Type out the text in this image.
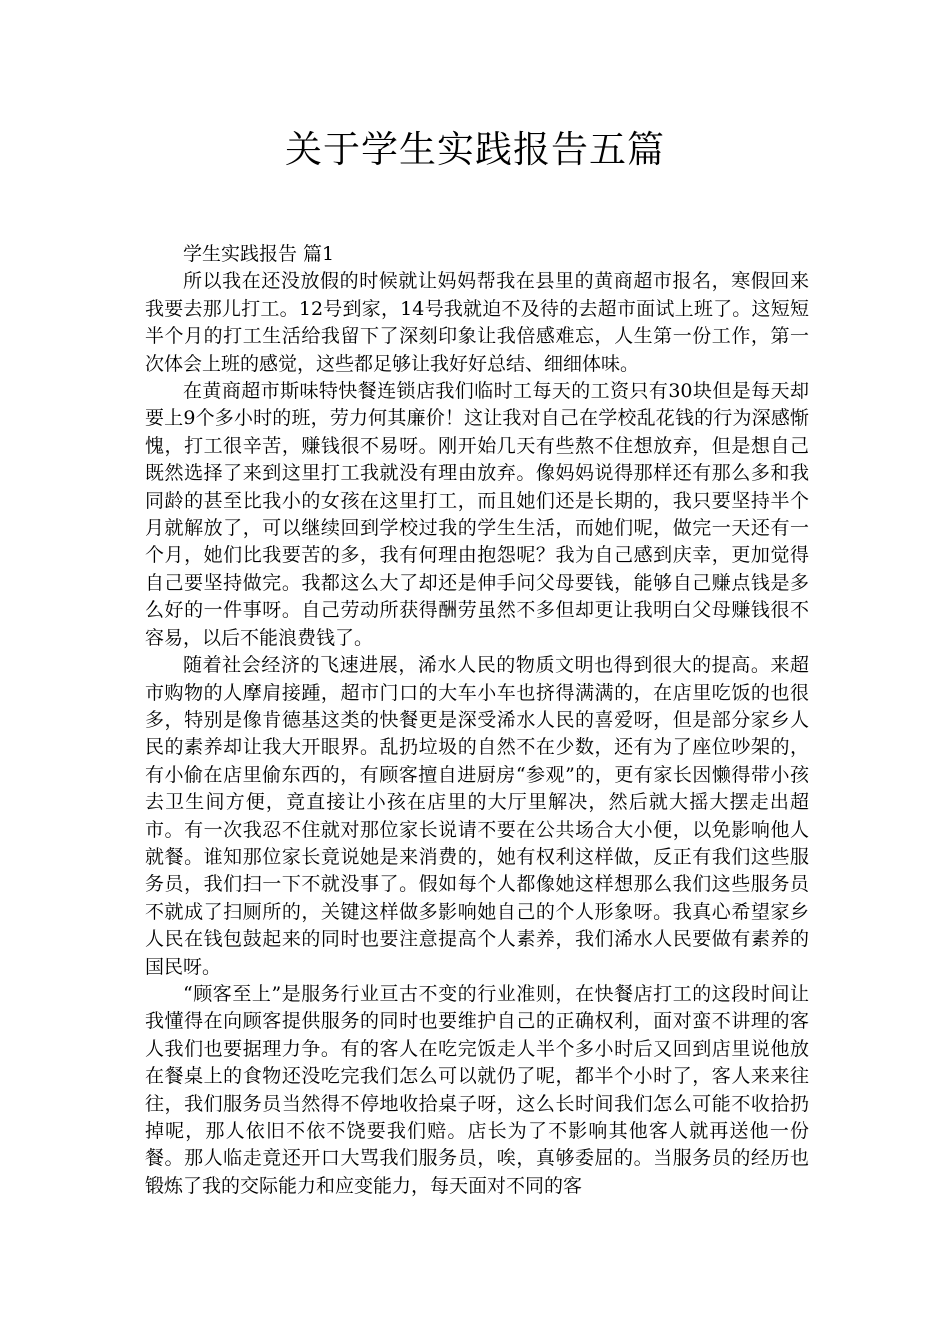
关于学生实践报告五篇

学生实践报告 篇1

所以我在还没放假的时候就让妈妈帮我在县里的黄商超市报名，寒假回来我要去那儿打工。12号到家，14号我就迫不及待的去超市面试上班了。这短短半个月的打工生活给我留下了深刻印象让我倍感难忘，人生第一份工作，第一次体会上班的感觉，这些都足够让我好好总结、细细体味。

在黄商超市斯味特快餐连锁店我们临时工每天的工资只有30块但是每天却要上9个多小时的班，劳力何其廉价！这让我对自己在学校乱花钱的行为深感惭愧，打工很辛苦，赚钱很不易呀。刚开始几天有些熬不住想放弃，但是想自己既然选择了来到这里打工我就没有理由放弃。像妈妈说得那样还有那么多和我同龄的甚至比我小的女孩在这里打工，而且她们还是长期的，我只要坚持半个月就解放了，可以继续回到学校过我的学生生活，而她们呢，做完一天还有一个月，她们比我要苦的多，我有何理由抱怨呢？我为自己感到庆幸，更加觉得自己要坚持做完。我都这么大了却还是伸手问父母要钱，能够自己赚点钱是多么好的一件事呀。自己劳动所获得酬劳虽然不多但却更让我明白父母赚钱很不容易，以后不能浪费钱了。

随着社会经济的飞速进展，浠水人民的物质文明也得到很大的提高。来超市购物的人摩肩接踵，超市门口的大车小车也挤得满满的，在店里吃饭的也很多，特别是像肯德基这类的快餐更是深受浠水人民的喜爱呀，但是部分家乡人民的素养却让我大开眼界。乱扔垃圾的自然不在少数，还有为了座位吵架的，有小偷在店里偷东西的，有顾客擅自进厨房“参观”的，更有家长因懒得带小孩去卫生间方便，竟直接让小孩在店里的大厅里解决，然后就大摇大摆走出超市。有一次我忍不住就对那位家长说请不要在公共场合大小便，以免影响他人就餐。谁知那位家长竟说她是来消费的，她有权利这样做，反正有我们这些服务员，我们扫一下不就没事了。假如每个人都像她这样想那么我们这些服务员不就成了扫厕所的，关键这样做多影响她自己的个人形象呀。我真心希望家乡人民在钱包鼓起来的同时也要注意提高个人素养，我们浠水人民要做有素养的国民呀。

“顾客至上”是服务行业亘古不变的行业准则，在快餐店打工的这段时间让我懂得在向顾客提供服务的同时也要维护自己的正确权利，面对蛮不讲理的客人我们也要据理力争。有的客人在吃完饭走人半个多小时后又回到店里说他放在餐桌上的食物还没吃完我们怎么可以就仍了呢，都半个小时了，客人来来往往，我们服务员当然得不停地收拾桌子呀，这么长时间我们怎么可能不收拾扔掉呢，那人依旧不依不饶要我们赔。店长为了不影响其他客人就再送他一份餐。那人临走竟还开口大骂我们服务员，唉，真够委屈的。当服务员的经历也锻炼了我的交际能力和应变能力，每天面对不同的客
